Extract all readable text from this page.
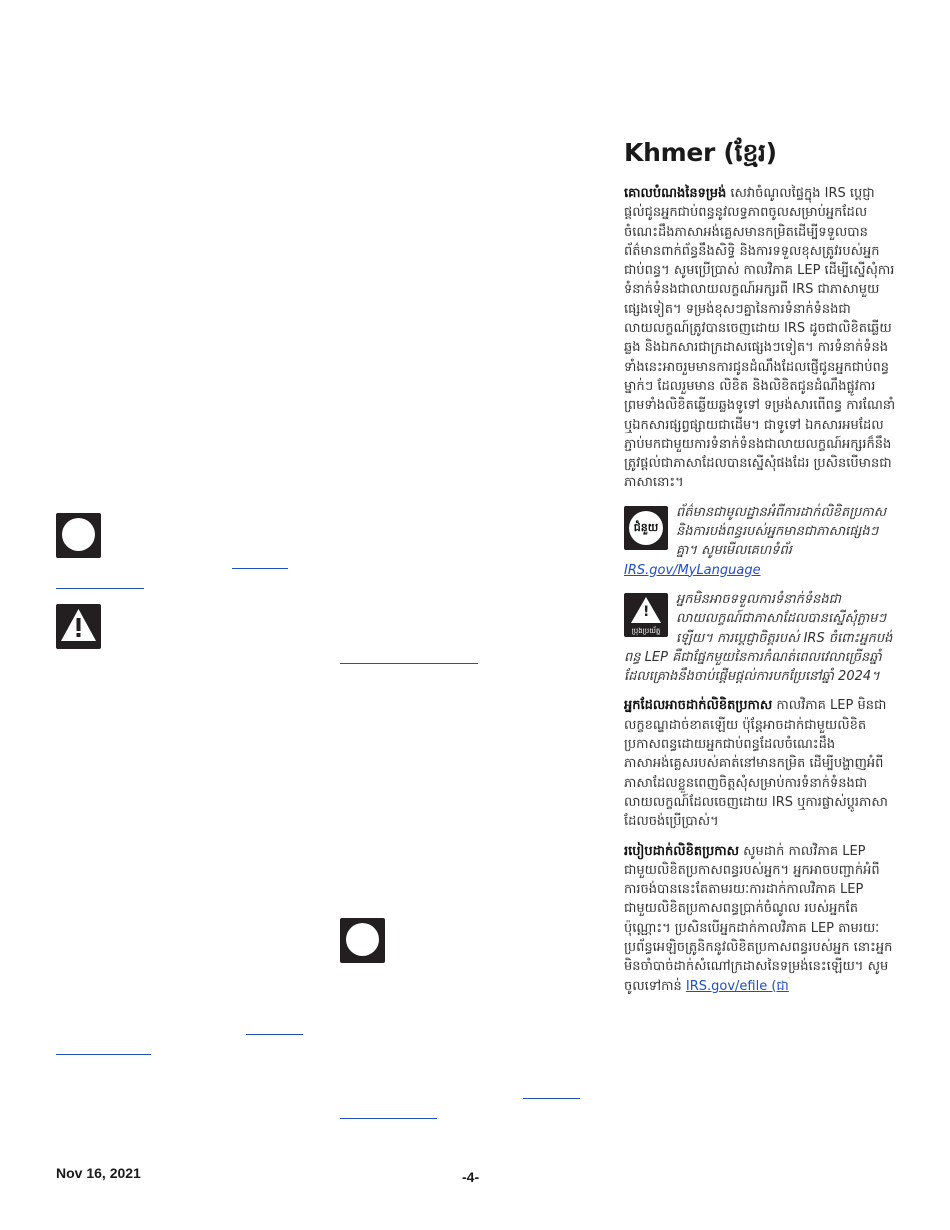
Khmer (ខ្មែរ)

គោលបំណងនៃទម្រង់ សេវាចំណូលផ្ទៃក្នុង IRS ប្តេជ្ញាផ្តល់ជូនអ្នកជាប់ពន្ធនូវលទ្ធភាពចូលសម្រាប់អ្នកដែលចំណេះដឹងភាសាអង់គ្លេសមានកម្រិតដើម្បីទទួលបានព័ត៌មានពាក់ព័ន្ធនឹងសិទ្ធិ និងការទទួលខុសត្រូវរបស់អ្នកជាប់ពន្ធ។ សូមប្រើប្រាស់ កាលវិភាគ LEP ដើម្បីស្នើសុំការទំនាក់ទំនងជាលាយលក្ខណ៍អក្សរពី IRS ជាភាសាមួយផ្សេងទៀត។ ទម្រង់ខុសៗគ្នានៃការទំនាក់ទំនងជាលាយលក្ខណ៍ត្រូវបានចេញដោយ IRS ដូចជាលិខិតឆ្លើយឆ្លង និងឯកសារជាក្រដាសផ្សេងៗទៀត។ ការទំនាក់ទំនងទាំងនេះអាចរួមមានការជូនដំណឹងដែលផ្ញើជូនអ្នកជាប់ពន្ធម្នាក់ៗ ដែលរួមមាន លិខិត និងលិខិតជូនដំណឹងផ្លូវការ ព្រមទាំងលិខិតឆ្លើយឆ្លងទូទៅ ទម្រង់សារពើពន្ធ ការណែនាំ ឬឯកសារផ្សព្វផ្សាយជាដើម។ ជាទូទៅ ឯកសារអមដែលភ្ជាប់មកជាមួយការទំនាក់ទំនងជាលាយលក្ខណ៍អក្សរក៏នឹងត្រូវផ្តល់ជាភាសាដែលបានស្នើសុំផងដែរ ប្រសិនបើមានជាភាសានោះ។

ជំនួយ
ព័ត៌មានជាមូលដ្ឋានអំពីការដាក់លិខិតប្រកាស និងការបង់ពន្ធរបស់អ្នកមានជាភាសាផ្សេងៗគ្នា។ សូមមើលគេហទំព័រ IRS.gov/MyLanguage
!
ប្រុងប្រយ័ត្ន
អ្នកមិនអាចទទួលការទំនាក់ទំនងជាលាយលក្ខណ៍ជាភាសាដែលបានស្នើសុំភ្លាមៗឡើយ។ ការប្តេជ្ញាចិត្តរបស់ IRS ចំពោះអ្នកបង់ពន្ធ LEP គឺជាផ្នែកមួយនៃការកំណត់ពេលវេលាច្រើនឆ្នាំ ដែលគ្រោងនឹងចាប់ផ្តើមផ្តល់ការបកប្រែនៅឆ្នាំ 2024។

អ្នកដែលអាចដាក់លិខិតប្រកាស កាលវិភាគ LEP មិនជាលក្ខខណ្ឌដាច់ខាតឡើយ ប៉ុន្តែអាចដាក់ជាមួយលិខិតប្រកាសពន្ធដោយអ្នកជាប់ពន្ធដែលចំណេះដឹងភាសាអង់គ្លេសរបស់គាត់នៅមានកម្រិត ដើម្បីបង្ហាញអំពីភាសាដែលខ្លួនពេញចិត្តសុំសម្រាប់ការទំនាក់ទំនងជាលាយលក្ខណ៍ដែលចេញដោយ IRS ឬការផ្លាស់ប្តូរភាសាដែលចង់ប្រើប្រាស់។

របៀបដាក់លិខិតប្រកាស សូមដាក់ កាលវិភាគ LEP ជាមួយលិខិតប្រកាសពន្ធរបស់អ្នក។ អ្នកអាចបញ្ជាក់អំពីការចង់បាននេះតែតាមរយៈការដាក់កាលវិភាគ LEP ជាមួយលិខិតប្រកាសពន្ធប្រាក់ចំណូល របស់អ្នកតែប៉ុណ្ណោះ។ ប្រសិនបើអ្នកដាក់កាលវិភាគ LEP តាមរយៈប្រព័ន្ធអេឡិចត្រូនិកនូវលិខិតប្រកាសពន្ធរបស់អ្នក នោះអ្នកមិនចាំបាច់ដាក់សំណៅក្រដាសនៃទម្រង់នេះឡើយ។ សូមចូលទៅកាន់ IRS.gov/efile (ជា

Nov 16, 2021	-4-
